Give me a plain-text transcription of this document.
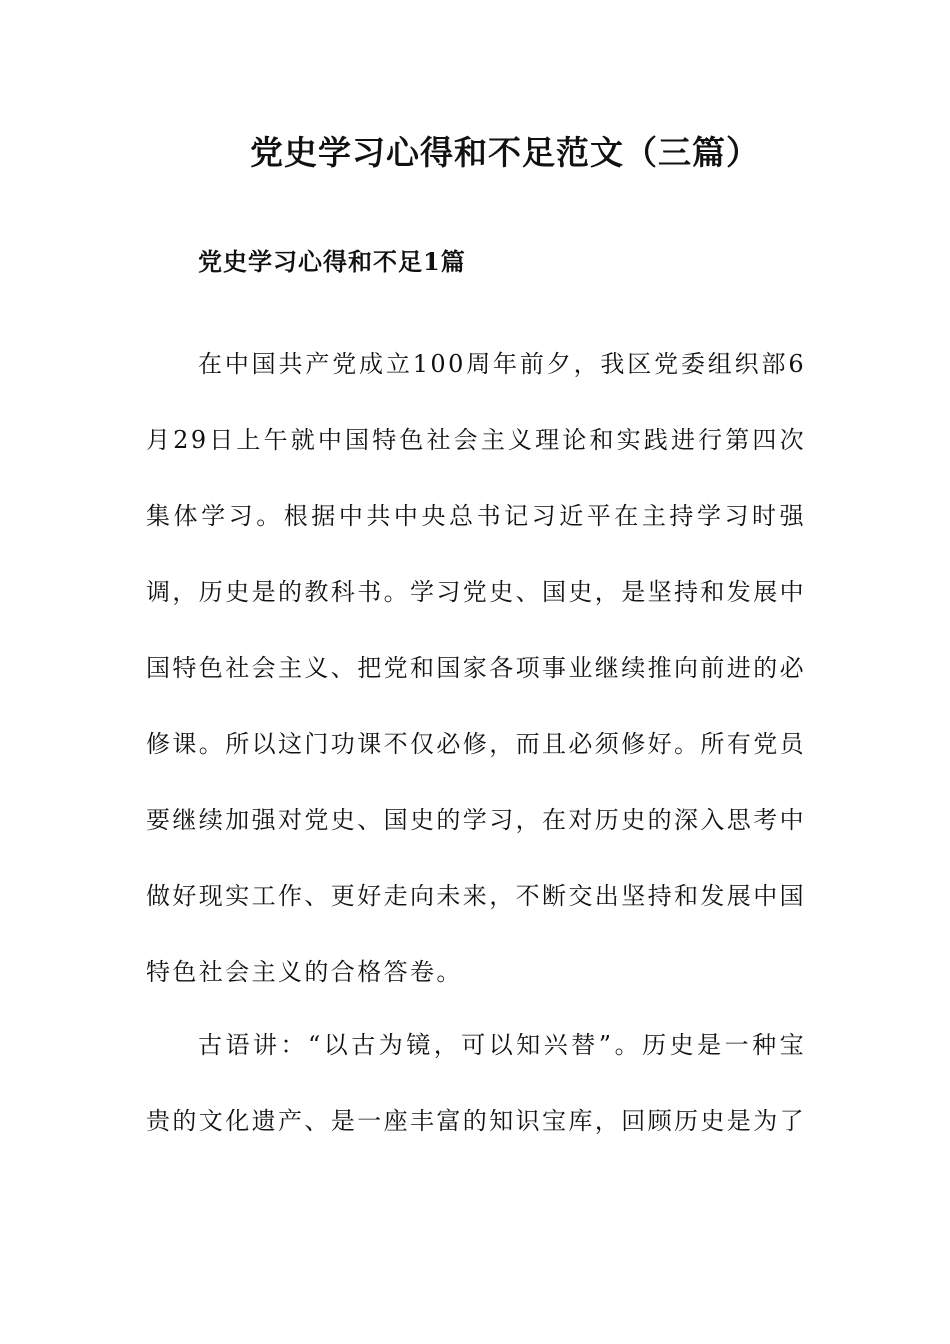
党史学习心得和不足范文（三篇）
党史学习心得和不足1篇

在中国共产党成立100周年前夕，我区党委组织部6月29日上午就中国特色社会主义理论和实践进行第四次集体学习。根据中共中央总书记习近平在主持学习时强调，历史是的教科书。学习党史、国史，是坚持和发展中国特色社会主义、把党和国家各项事业继续推向前进的必修课。所以这门功课不仅必修，而且必须修好。所有党员要继续加强对党史、国史的学习，在对历史的深入思考中做好现实工作、更好走向未来，不断交出坚持和发展中国特色社会主义的合格答卷。

古语讲：“以古为镜，可以知兴替”。历史是一种宝贵的文化遗产、是一座丰富的知识宝库，回顾历史是为了
